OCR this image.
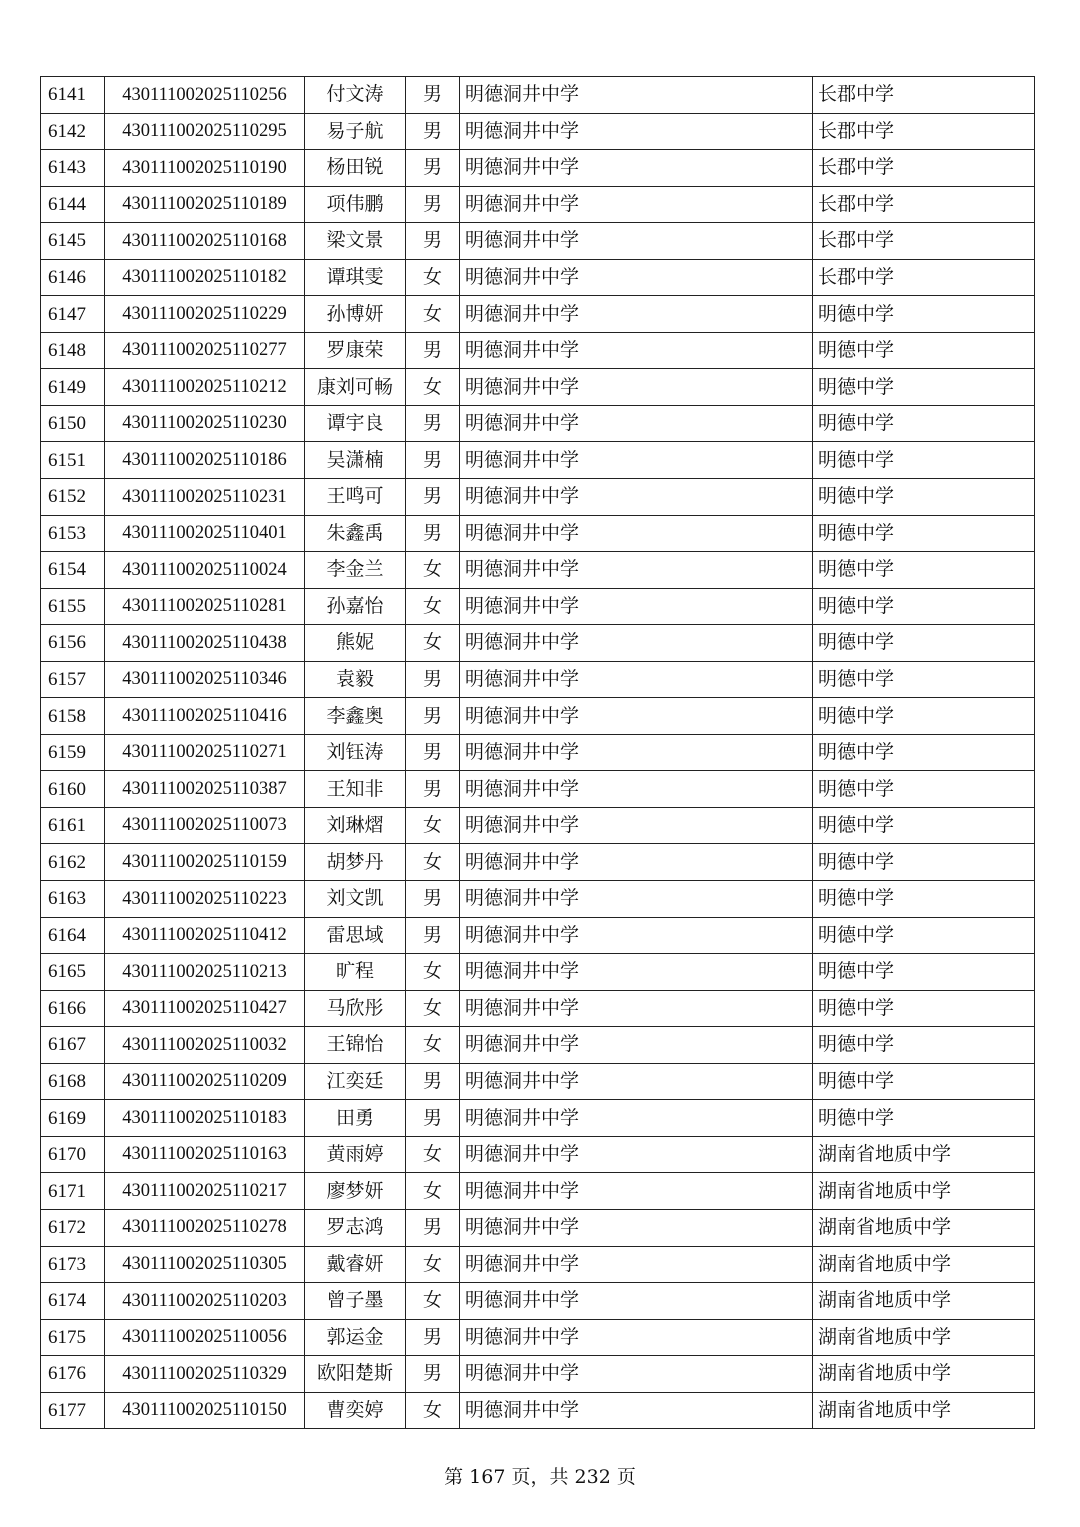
6141	430111002025110256	付文涛	男	明德洞井中学	长郡中学
6142	430111002025110295	易子航	男	明德洞井中学	长郡中学
6143	430111002025110190	杨田锐	男	明德洞井中学	长郡中学
6144	430111002025110189	项伟鹏	男	明德洞井中学	长郡中学
6145	430111002025110168	梁文景	男	明德洞井中学	长郡中学
6146	430111002025110182	谭琪雯	女	明德洞井中学	长郡中学
6147	430111002025110229	孙博妍	女	明德洞井中学	明德中学
6148	430111002025110277	罗康荣	男	明德洞井中学	明德中学
6149	430111002025110212	康刘可畅	女	明德洞井中学	明德中学
6150	430111002025110230	谭宇良	男	明德洞井中学	明德中学
6151	430111002025110186	吴潇楠	男	明德洞井中学	明德中学
6152	430111002025110231	王鸣可	男	明德洞井中学	明德中学
6153	430111002025110401	朱鑫禹	男	明德洞井中学	明德中学
6154	430111002025110024	李金兰	女	明德洞井中学	明德中学
6155	430111002025110281	孙嘉怡	女	明德洞井中学	明德中学
6156	430111002025110438	熊妮	女	明德洞井中学	明德中学
6157	430111002025110346	袁毅	男	明德洞井中学	明德中学
6158	430111002025110416	李鑫奥	男	明德洞井中学	明德中学
6159	430111002025110271	刘钰涛	男	明德洞井中学	明德中学
6160	430111002025110387	王知非	男	明德洞井中学	明德中学
6161	430111002025110073	刘琳熠	女	明德洞井中学	明德中学
6162	430111002025110159	胡梦丹	女	明德洞井中学	明德中学
6163	430111002025110223	刘文凯	男	明德洞井中学	明德中学
6164	430111002025110412	雷思域	男	明德洞井中学	明德中学
6165	430111002025110213	旷程	女	明德洞井中学	明德中学
6166	430111002025110427	马欣彤	女	明德洞井中学	明德中学
6167	430111002025110032	王锦怡	女	明德洞井中学	明德中学
6168	430111002025110209	江奕廷	男	明德洞井中学	明德中学
6169	430111002025110183	田勇	男	明德洞井中学	明德中学
6170	430111002025110163	黄雨婷	女	明德洞井中学	湖南省地质中学
6171	430111002025110217	廖梦妍	女	明德洞井中学	湖南省地质中学
6172	430111002025110278	罗志鸿	男	明德洞井中学	湖南省地质中学
6173	430111002025110305	戴睿妍	女	明德洞井中学	湖南省地质中学
6174	430111002025110203	曾子墨	女	明德洞井中学	湖南省地质中学
6175	430111002025110056	郭运金	男	明德洞井中学	湖南省地质中学
6176	430111002025110329	欧阳楚斯	男	明德洞井中学	湖南省地质中学
6177	430111002025110150	曹奕婷	女	明德洞井中学	湖南省地质中学
第 167 页，共 232 页
